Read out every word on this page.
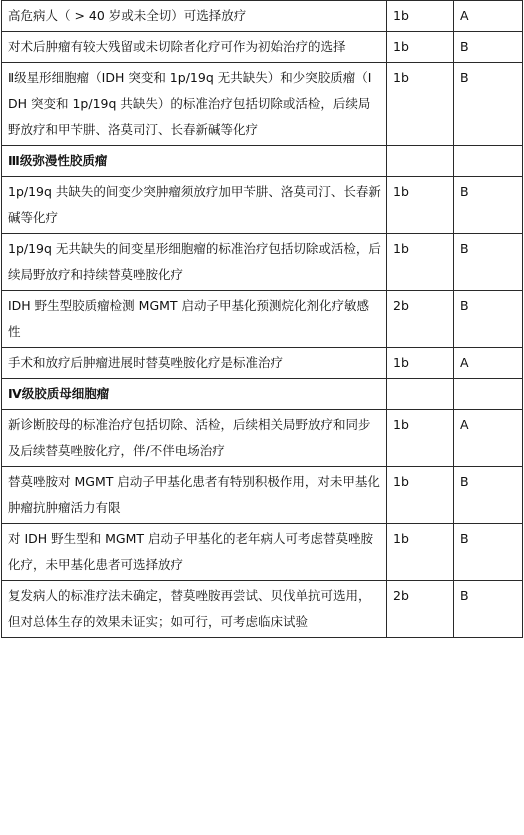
高危病人（ > 40 岁或未全切）可选择放疗	1b	A
对术后肿瘤有较大残留或未切除者化疗可作为初始治疗的选择	1b	B
Ⅱ级星形细胞瘤（IDH 突变和 1p/19q 无共缺失）和少突胶质瘤（IDH 突变和 1p/19q 共缺失）的标准治疗包括切除或活检，后续局野放疗和甲苄肼、洛莫司汀、长春新碱等化疗	1b	B
Ⅲ级弥漫性胶质瘤		
1p/19q 共缺失的间变少突肿瘤须放疗加甲苄肼、洛莫司汀、长春新碱等化疗	1b	B
1p/19q 无共缺失的间变星形细胞瘤的标准治疗包括切除或活检，后续局野放疗和持续替莫唑胺化疗	1b	B
IDH 野生型胶质瘤检测 MGMT 启动子甲基化预测烷化剂化疗敏感性	2b	B
手术和放疗后肿瘤进展时替莫唑胺化疗是标准治疗	1b	A
Ⅳ级胶质母细胞瘤		
新诊断胶母的标准治疗包括切除、活检，后续相关局野放疗和同步及后续替莫唑胺化疗，伴/不伴电场治疗	1b	A
替莫唑胺对 MGMT 启动子甲基化患者有特别积极作用，对未甲基化肿瘤抗肿瘤活力有限	1b	B
对 IDH 野生型和 MGMT 启动子甲基化的老年病人可考虑替莫唑胺化疗，未甲基化患者可选择放疗	1b	B
复发病人的标准疗法未确定，替莫唑胺再尝试、贝伐单抗可选用，但对总体生存的效果未证实；如可行，可考虑临床试验	2b	B
